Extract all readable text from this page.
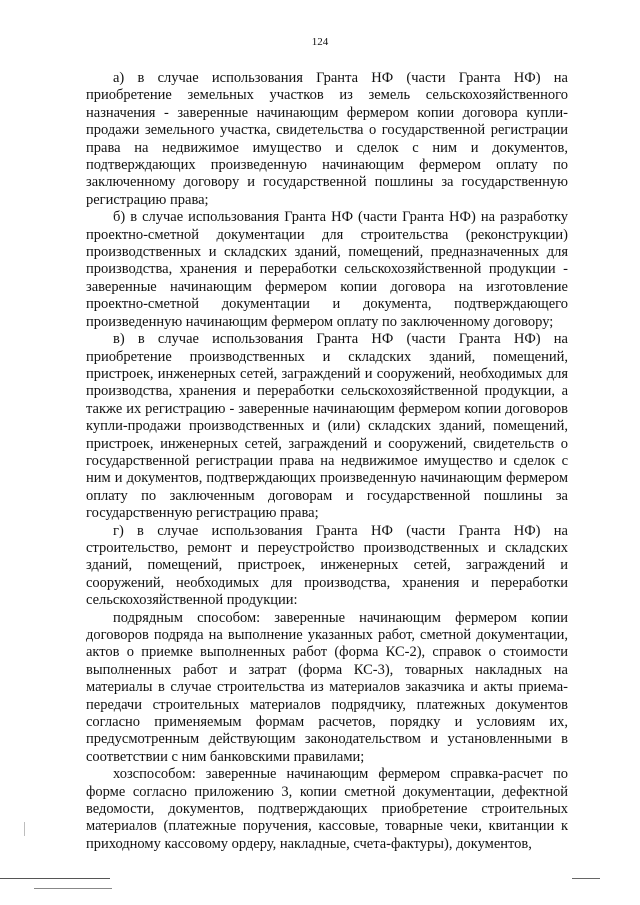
124

а) в случае использования Гранта НФ (части Гранта НФ) на приобретение земельных участков из земель сельскохозяйственного назначения - заверенные начинающим фермером копии договора купли-продажи земельного участка, свидетельства о государственной регистрации права на недвижимое имущество и сделок с ним и документов, подтверждающих произведенную начинающим фермером оплату по заключенному договору и государственной пошлины за государственную регистрацию права;

б) в случае использования Гранта НФ (части Гранта НФ) на разработку проектно-сметной документации для строительства (реконструкции) производственных и складских зданий, помещений, предназначенных для производства, хранения и переработки сельскохозяйственной продукции - заверенные начинающим фермером копии договора на изготовление проектно-сметной документации и документа, подтверждающего произведенную начинающим фермером оплату по заключенному договору;

в) в случае использования Гранта НФ (части Гранта НФ) на приобретение производственных и складских зданий, помещений, пристроек, инженерных сетей, заграждений и сооружений, необходимых для производства, хранения и переработки сельскохозяйственной продукции, а также их регистрацию - заверенные начинающим фермером копии договоров купли-продажи производственных и (или) складских зданий, помещений, пристроек, инженерных сетей, заграждений и сооружений, свидетельств о государственной регистрации права на недвижимое имущество и сделок с ним и документов, подтверждающих произведенную начинающим фермером оплату по заключенным договорам и государственной пошлины за государственную регистрацию права;

г) в случае использования Гранта НФ (части Гранта НФ) на строительство, ремонт и переустройство производственных и складских зданий, помещений, пристроек, инженерных сетей, заграждений и сооружений, необходимых для производства, хранения и переработки сельскохозяйственной продукции:

подрядным способом: заверенные начинающим фермером копии договоров подряда на выполнение указанных работ, сметной документации, актов о приемке выполненных работ (форма КС-2), справок о стоимости выполненных работ и затрат (форма КС-3), товарных накладных на материалы в случае строительства из материалов заказчика и акты приема-передачи строительных материалов подрядчику, платежных документов согласно применяемым формам расчетов, порядку и условиям их, предусмотренным действующим законодательством и установленными в соответствии с ним банковскими правилами;

хозспособом: заверенные начинающим фермером справка-расчет по форме согласно приложению 3, копии сметной документации, дефектной ведомости, документов, подтверждающих приобретение строительных материалов (платежные поручения, кассовые, товарные чеки, квитанции к приходному кассовому ордеру, накладные, счета-фактуры), документов,
